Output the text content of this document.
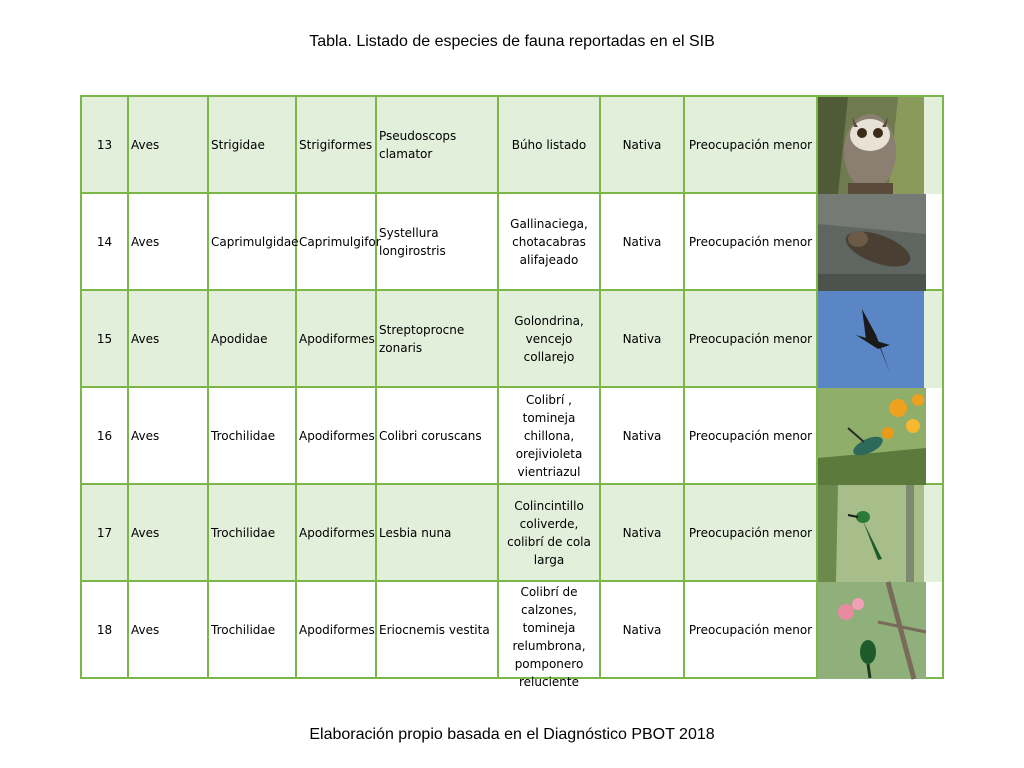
Tabla. Listado de especies de fauna reportadas en el SIB
13	Aves	Strigidae	Strigiformes	Pseudoscops clamator	Búho listado	Nativa	Preocupación menor	

14	Aves	Caprimulgidae	Caprimulgifor	Systellura longirostris	Gallinaciega, chotacabras alifajeado	Nativa	Preocupación menor	

15	Aves	Apodidae	Apodiformes	Streptoprocne zonaris	Golondrina, vencejo collarejo	Nativa	Preocupación menor	

16	Aves	Trochilidae	Apodiformes	Colibri coruscans	Colibrí , tomineja chillona, orejivioleta vientriazul	Nativa	Preocupación menor	

17	Aves	Trochilidae	Apodiformes	Lesbia nuna	Colincintillo coliverde, colibrí de cola larga	Nativa	Preocupación menor	

18	Aves	Trochilidae	Apodiformes	Eriocnemis vestita	Colibrí de calzones, tomineja relumbrona, pomponero reluciente	Nativa	Preocupación menor	
Elaboración propio basada en el Diagnóstico PBOT 2018
